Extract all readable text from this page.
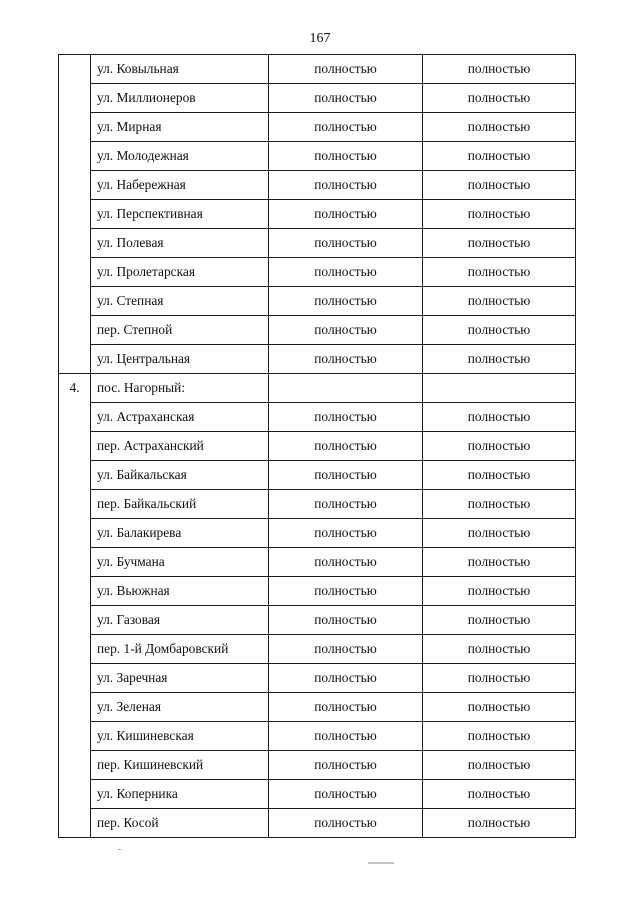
167
	ул. Ковыльная	полностью	полностью
	ул. Миллионеров	полностью	полностью
	ул. Мирная	полностью	полностью
	ул. Молодежная	полностью	полностью
	ул. Набережная	полностью	полностью
	ул. Перспективная	полностью	полностью
	ул. Полевая	полностью	полностью
	ул. Пролетарская	полностью	полностью
	ул. Степная	полностью	полностью
	пер. Степной	полностью	полностью
	ул. Центральная	полностью	полностью
4.	пос. Нагорный:		
	ул. Астраханская	полностью	полностью
	пер. Астраханский	полностью	полностью
	ул. Байкальская	полностью	полностью
	пер. Байкальский	полностью	полностью
	ул. Балакирева	полностью	полностью
	ул. Бучмана	полностью	полностью
	ул. Вьюжная	полностью	полностью
	ул. Газовая	полностью	полностью
	пер. 1-й Домбаровский	полностью	полностью
	ул. Заречная	полностью	полностью
	ул. Зеленая	полностью	полностью
	ул. Кишиневская	полностью	полностью
	пер. Кишиневский	полностью	полностью
	ул. Коперника	полностью	полностью
	пер. Косой	полностью	полностью
